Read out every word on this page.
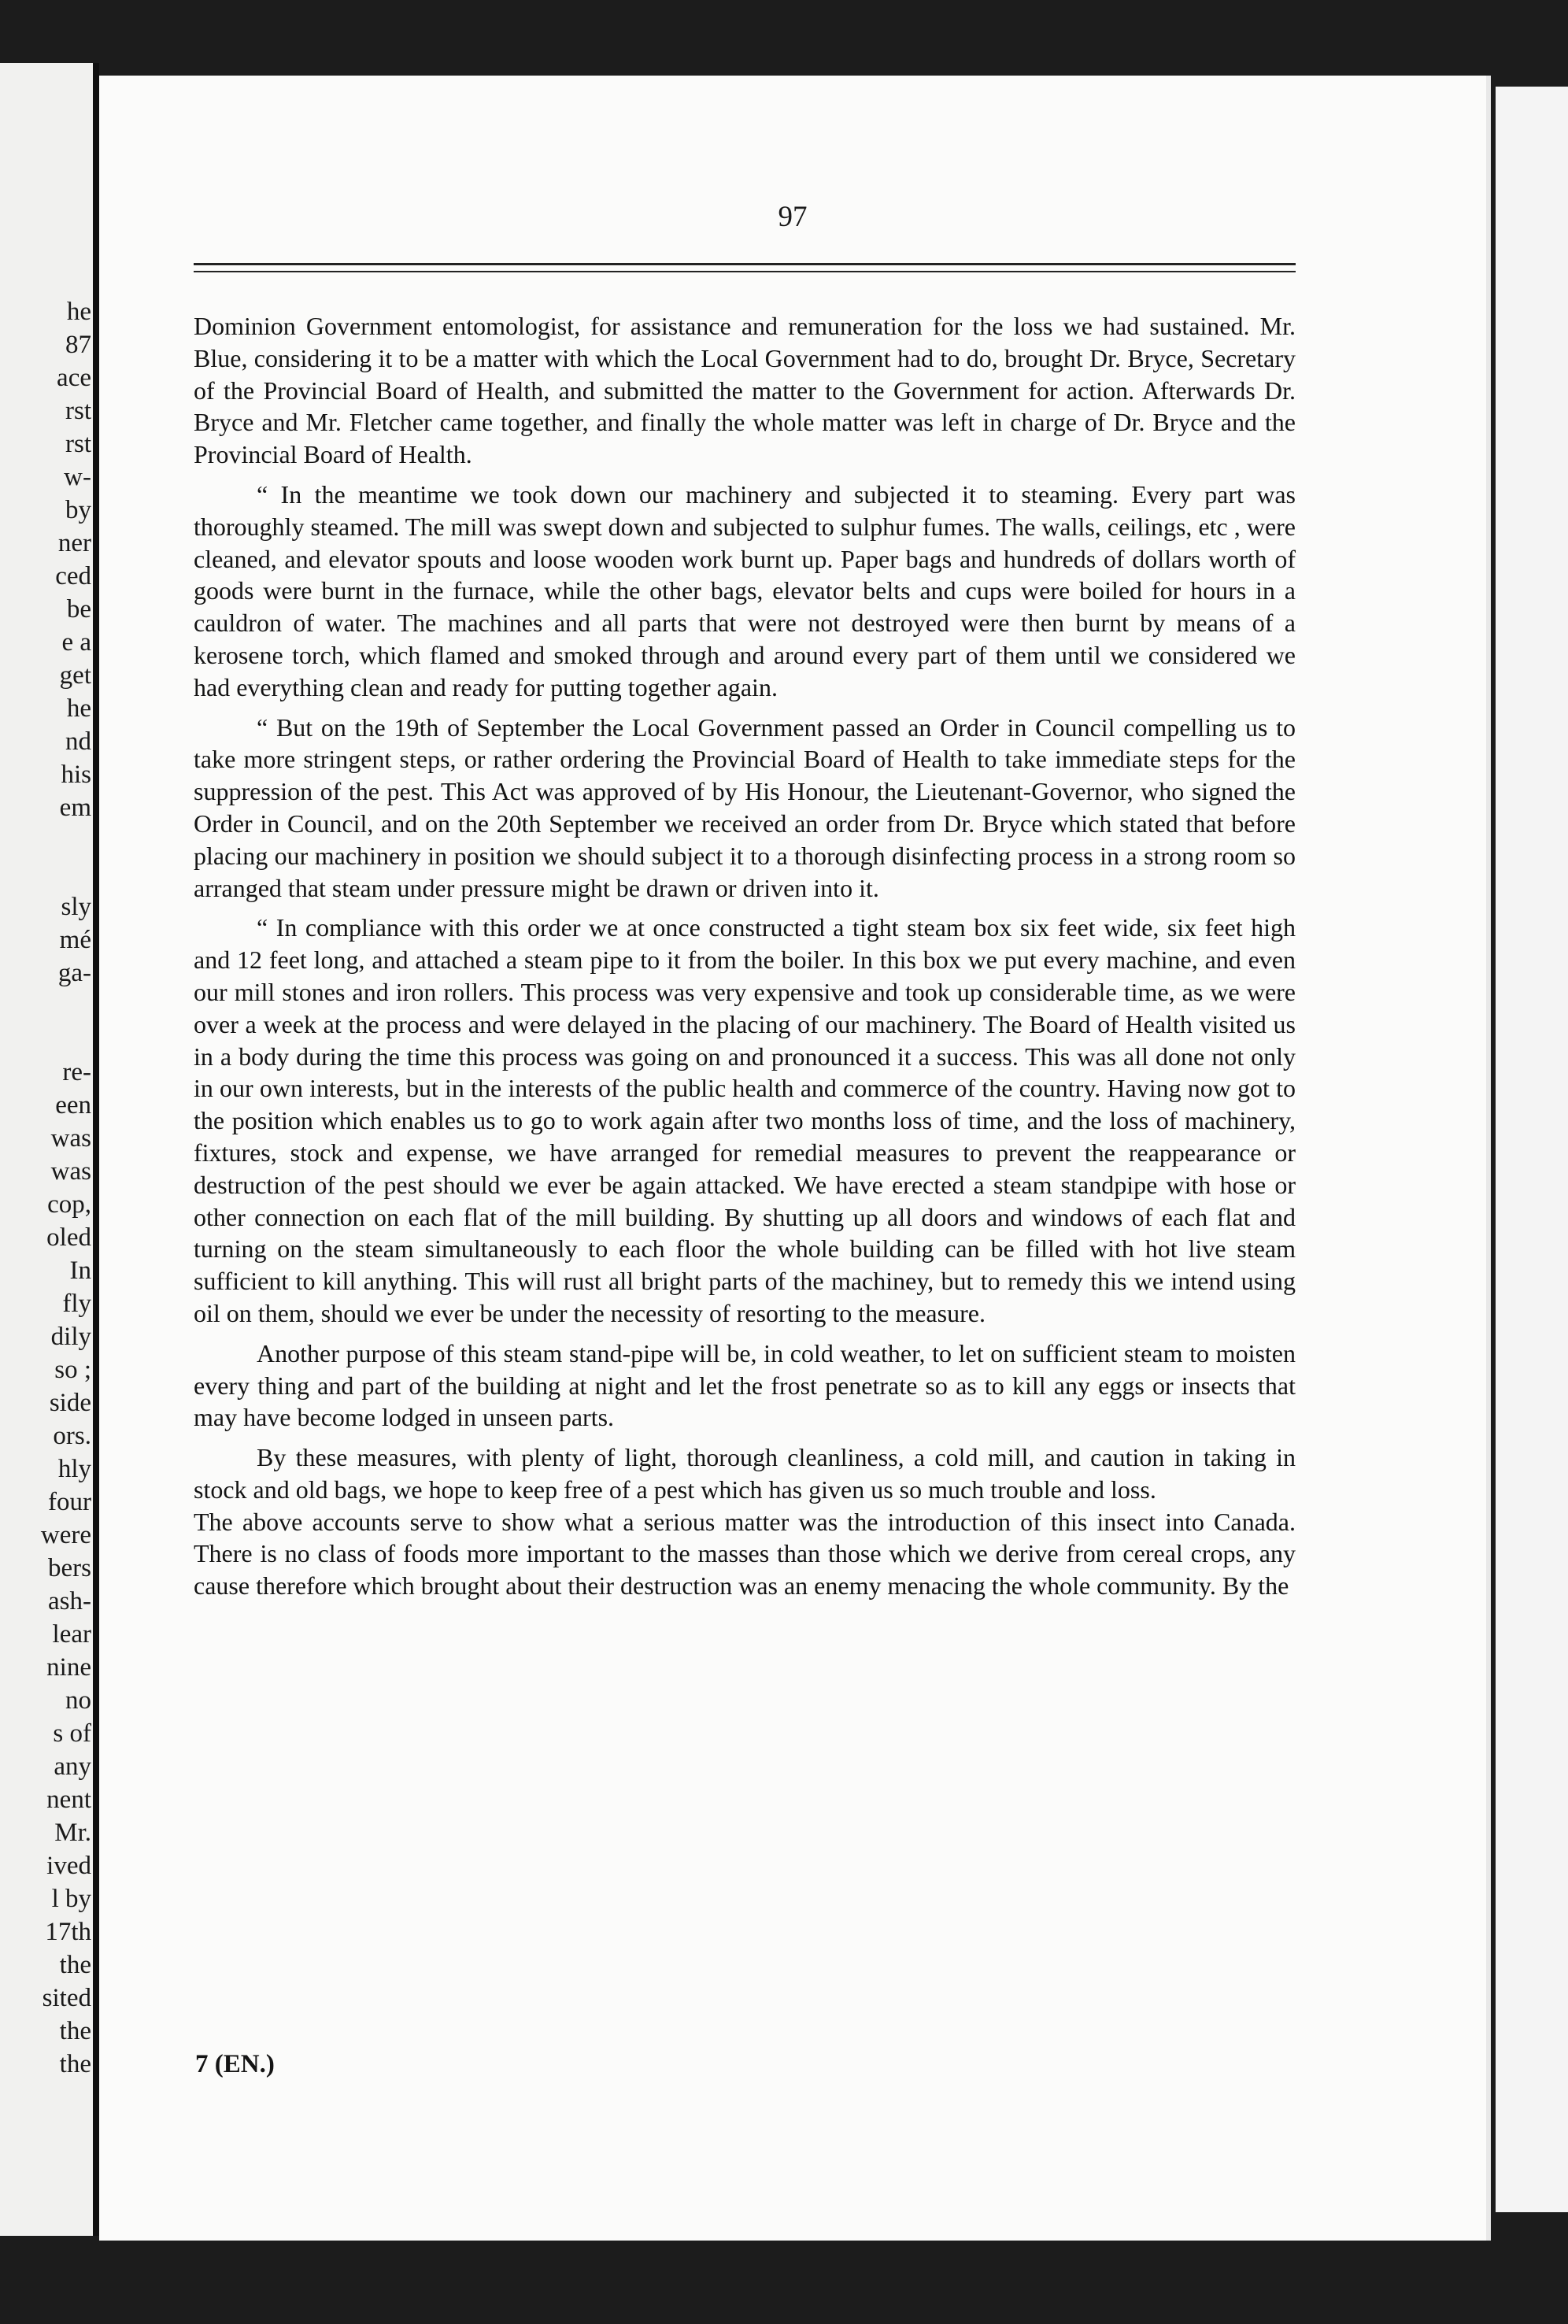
he
87
ace
rst
rst
w-
by
ner
ced
be
e a
get
he
nd
his
em
sly
mé
ga-
re-
een
was
was
cop,
oled
In
fly
dily
so ;
side
ors.
hly
four
were
bers
ash-
lear
nine
no
s of
any
nent
Mr.
ived
l by
17th
the
sited
the
the
97

Dominion Government entomologist, for assistance and remuneration for the loss we had sustained. Mr. Blue, considering it to be a matter with which the Local Government had to do, brought Dr. Bryce, Secretary of the Provincial Board of Health, and submitted the matter to the Government for action. Afterwards Dr. Bryce and Mr. Fletcher came together, and finally the whole matter was left in charge of Dr. Bryce and the Provincial Board of Health.

“ In the meantime we took down our machinery and subjected it to steaming. Every part was thoroughly steamed. The mill was swept down and subjected to sulphur fumes. The walls, ceilings, etc , were cleaned, and elevator spouts and loose wooden work burnt up. Paper bags and hundreds of dollars worth of goods were burnt in the furnace, while the other bags, elevator belts and cups were boiled for hours in a cauldron of water. The machines and all parts that were not destroyed were then burnt by means of a kerosene torch, which flamed and smoked through and around every part of them until we considered we had everything clean and ready for putting together again.

“ But on the 19th of September the Local Government passed an Order in Council compelling us to take more stringent steps, or rather ordering the Provincial Board of Health to take immediate steps for the suppression of the pest. This Act was approved of by His Honour, the Lieutenant-Governor, who signed the Order in Council, and on the 20th September we received an order from Dr. Bryce which stated that before placing our machinery in position we should subject it to a thorough disinfecting process in a strong room so arranged that steam under pressure might be drawn or driven into it.

“ In compliance with this order we at once constructed a tight steam box six feet wide, six feet high and 12 feet long, and attached a steam pipe to it from the boiler. In this box we put every machine, and even our mill stones and iron rollers. This process was very expensive and took up considerable time, as we were over a week at the process and were delayed in the placing of our machinery. The Board of Health visited us in a body during the time this process was going on and pronounced it a success. This was all done not only in our own interests, but in the interests of the public health and commerce of the country. Having now got to the position which enables us to go to work again after two months loss of time, and the loss of machinery, fixtures, stock and expense, we have arranged for remedial measures to prevent the reappearance or destruction of the pest should we ever be again attacked. We have erected a steam standpipe with hose or other connection on each flat of the mill building. By shutting up all doors and windows of each flat and turning on the steam simultaneously to each floor the whole building can be filled with hot live steam sufficient to kill anything. This will rust all bright parts of the machiney, but to remedy this we intend using oil on them, should we ever be under the necessity of resorting to the measure.

Another purpose of this steam stand-pipe will be, in cold weather, to let on sufficient steam to moisten every thing and part of the building at night and let the frost penetrate so as to kill any eggs or insects that may have become lodged in unseen parts.

By these measures, with plenty of light, thorough cleanliness, a cold mill, and caution in taking in stock and old bags, we hope to keep free of a pest which has given us so much trouble and loss.

The above accounts serve to show what a serious matter was the introduction of this insect into Canada. There is no class of foods more important to the masses than those which we derive from cereal crops, any cause therefore which brought about their destruction was an enemy menacing the whole community. By the

7 (EN.)
